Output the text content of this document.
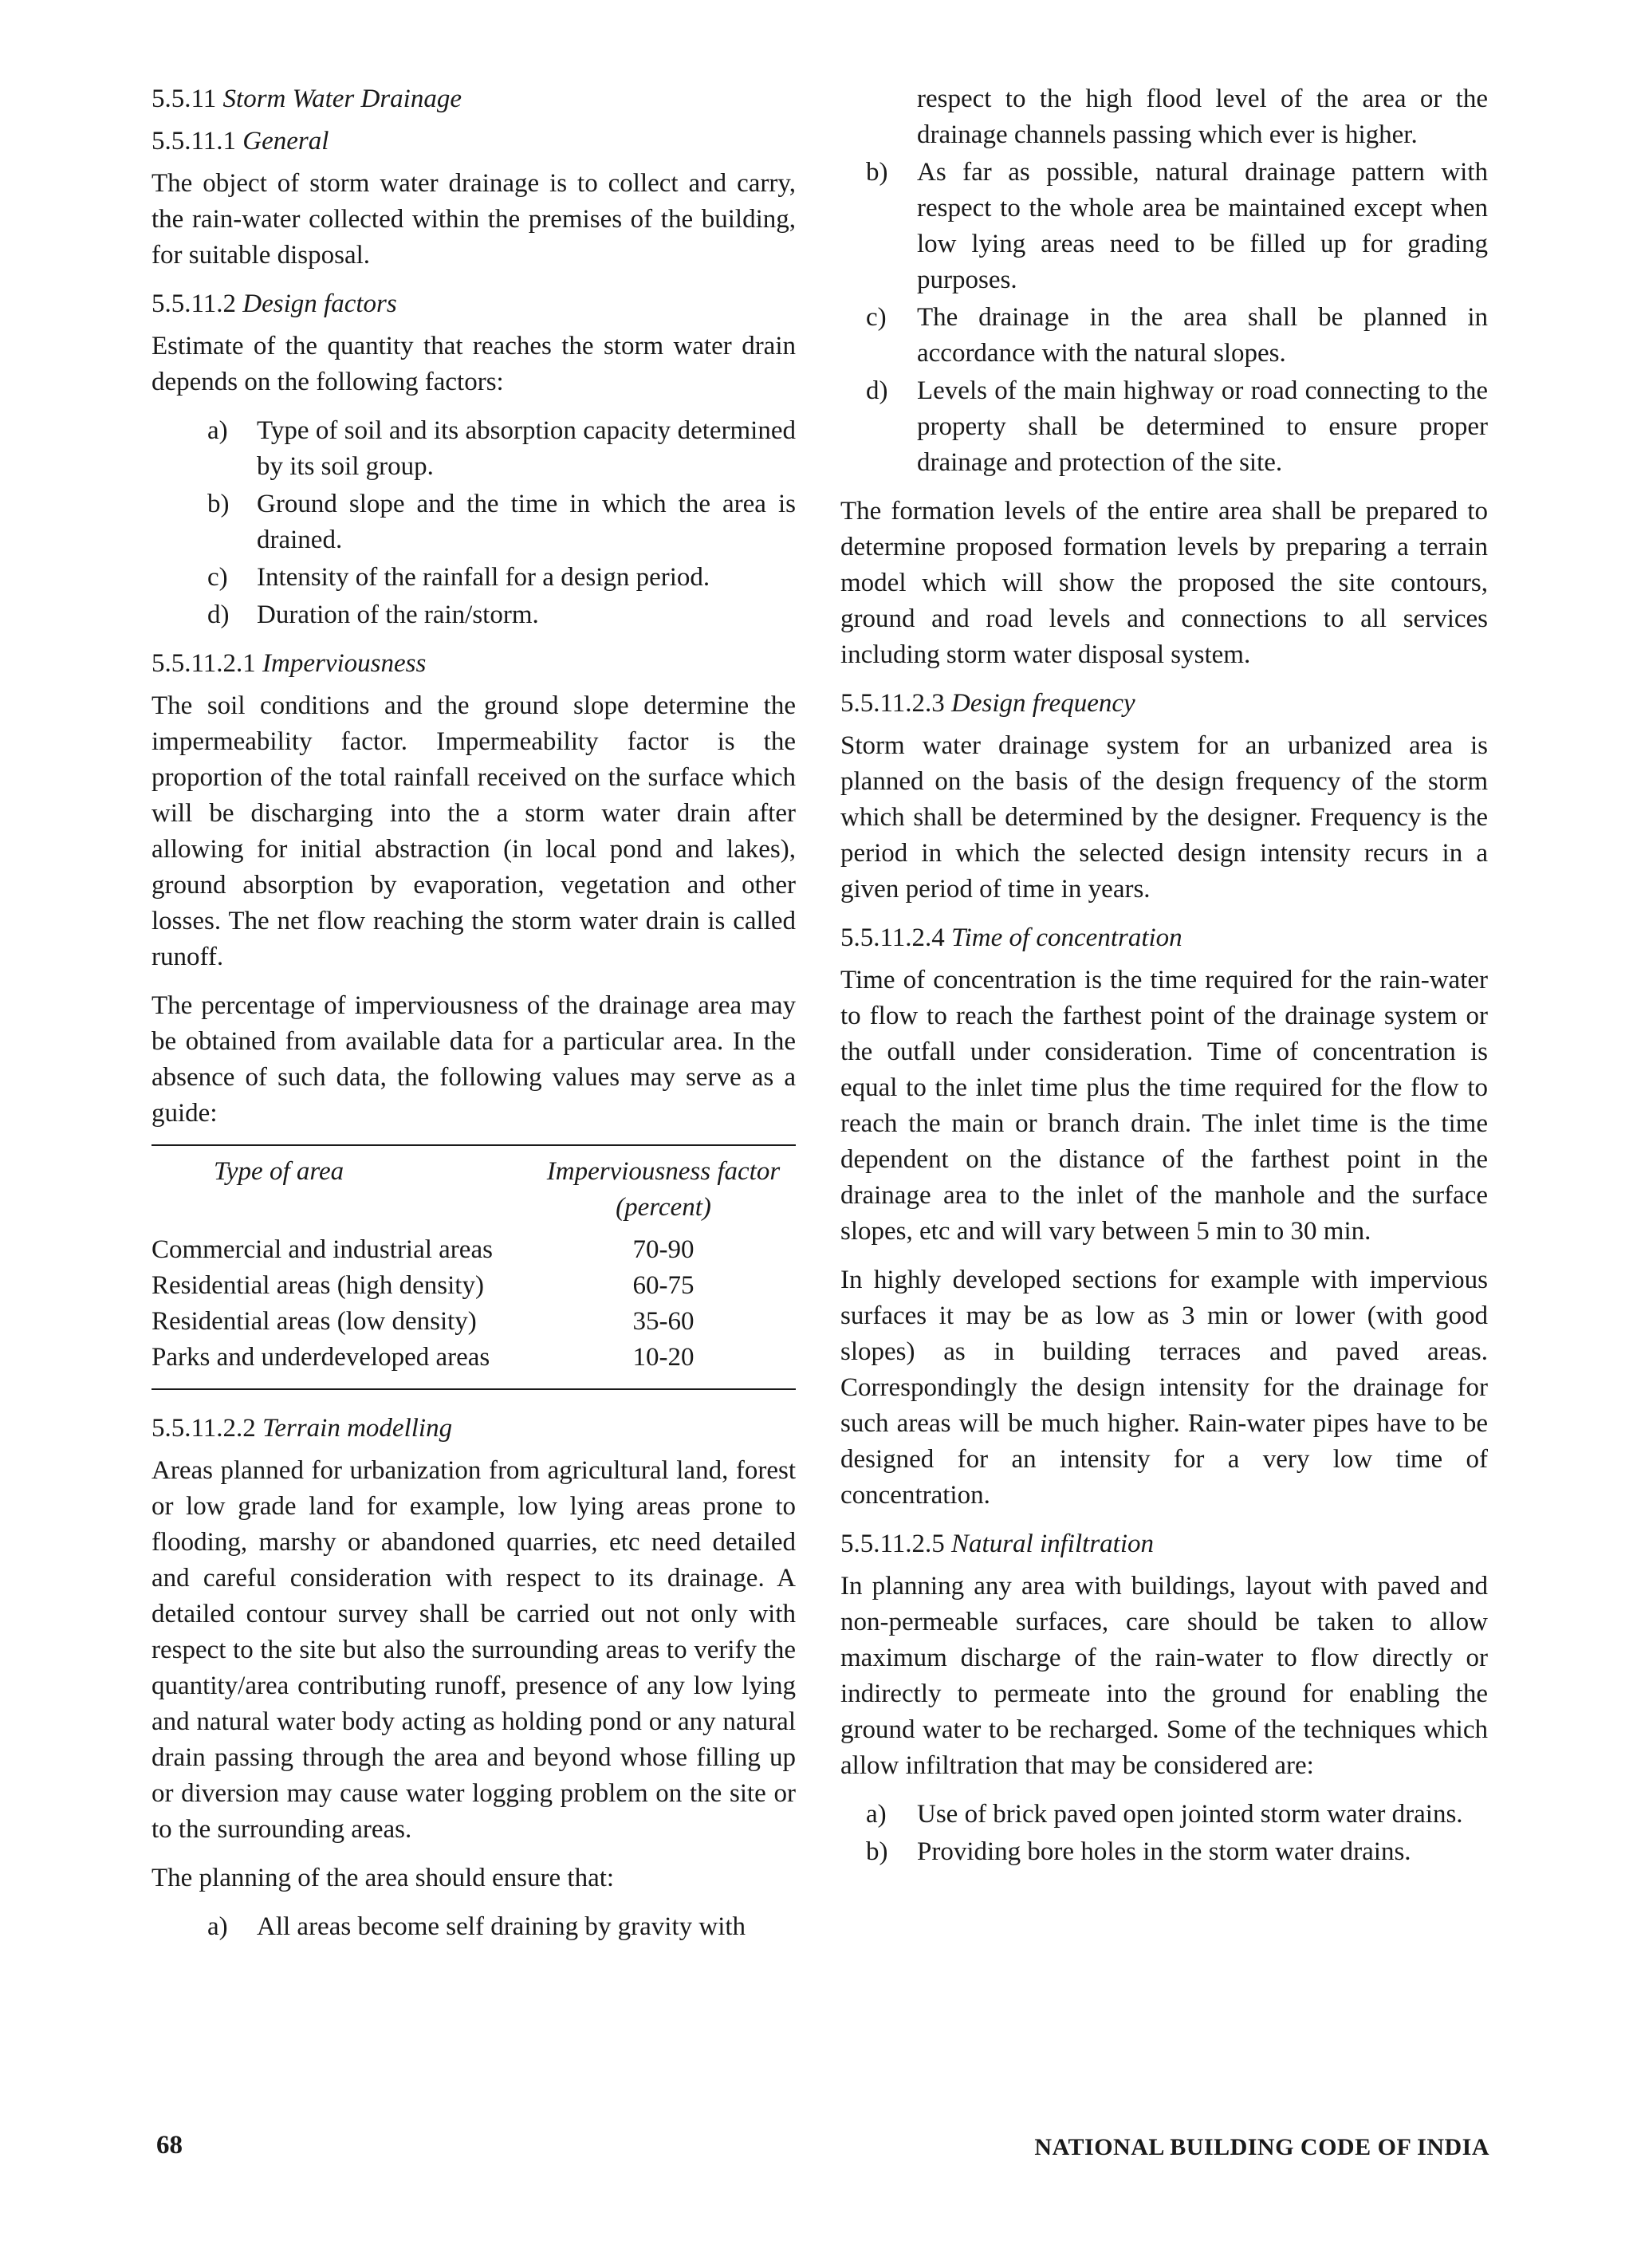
5.5.11 Storm Water Drainage
5.5.11.1 General

The object of storm water drainage is to collect and carry, the rain-water collected within the premises of the building, for suitable disposal.

5.5.11.2 Design factors

Estimate of the quantity that reaches the storm water drain depends on the following factors:

a)	Type of soil and its absorption capacity determined by its soil group.
b)	Ground slope and the time in which the area is drained.
c)	Intensity of the rainfall for a design period.
d)	Duration of the rain/storm.
5.5.11.2.1 Imperviousness

The soil conditions and the ground slope determine the impermeability factor. Impermeability factor is the proportion of the total rainfall received on the surface which will be discharging into the a storm water drain after allowing for initial abstraction (in local pond and lakes), ground absorption by evaporation, vegetation and other losses. The net flow reaching the storm water drain is called runoff.

The percentage of imperviousness of the drainage area may be obtained from available data for a particular area. In the absence of such data, the following values may serve as a guide:

Type of area	Imperviousness factor
(percent)
Commercial and industrial areas	70-90
Residential areas (high density)	60-75
Residential areas (low density)	35-60
Parks and underdeveloped areas	10-20
5.5.11.2.2 Terrain modelling

Areas planned for urbanization from agricultural land, forest or low grade land for example, low lying areas prone to flooding, marshy or abandoned quarries, etc need detailed and careful consideration with respect to its drainage. A detailed contour survey shall be carried out not only with respect to the site but also the surrounding areas to verify the quantity/area contributing runoff, presence of any low lying and natural water body acting as holding pond or any natural drain passing through the area and beyond whose filling up or diversion may cause water logging problem on the site or to the surrounding areas.

The planning of the area should ensure that:

a)	All areas become self draining by gravity with
respect to the high flood level of the area or the drainage channels passing which ever is higher.
b)	As far as possible, natural drainage pattern with respect to the whole area be maintained except when low lying areas need to be filled up for grading purposes.
c)	The drainage in the area shall be planned in accordance with the natural slopes.
d)	Levels of the main highway or road connecting to the property shall be determined to ensure proper drainage and protection of the site.

The formation levels of the entire area shall be prepared to determine proposed formation levels by preparing a terrain model which will show the proposed the site contours, ground and road levels and connections to all services including storm water disposal system.

5.5.11.2.3 Design frequency

Storm water drainage system for an urbanized area is planned on the basis of the design frequency of the storm which shall be determined by the designer. Frequency is the period in which the selected design intensity recurs in a given period of time in years.

5.5.11.2.4 Time of concentration

Time of concentration is the time required for the rain-water to flow to reach the farthest point of the drainage system or the outfall under consideration. Time of concentration is equal to the inlet time plus the time required for the flow to reach the main or branch drain. The inlet time is the time dependent on the distance of the farthest point in the drainage area to the inlet of the manhole and the surface slopes, etc and will vary between 5 min to 30 min.

In highly developed sections for example with impervious surfaces it may be as low as 3 min or lower (with good slopes) as in building terraces and paved areas. Correspondingly the design intensity for the drainage for such areas will be much higher. Rain-water pipes have to be designed for an intensity for a very low time of concentration.

5.5.11.2.5 Natural infiltration

In planning any area with buildings, layout with paved and non-permeable surfaces, care should be taken to allow maximum discharge of the rain-water to flow directly or indirectly to permeate into the ground for enabling the ground water to be recharged. Some of the techniques which allow infiltration that may be considered are:

a)	Use of brick paved open jointed storm water drains.
b)	Providing bore holes in the storm water drains.
68	NATIONAL BUILDING CODE OF INDIA
